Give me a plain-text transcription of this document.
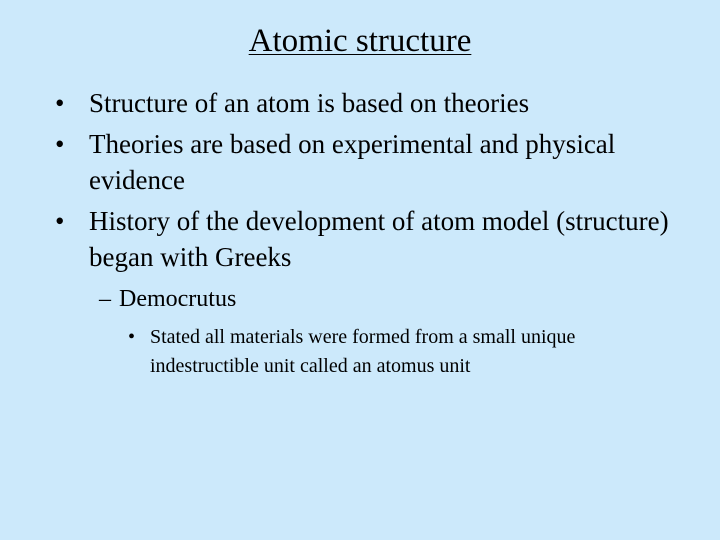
Atomic structure
• Structure of an atom is based on theories
• Theories are based on experimental and physical evidence
• History of the development of atom model (structure) began with Greeks
– Democrutus
• Stated all materials were formed from a small unique indestructible unit called an atomus unit
